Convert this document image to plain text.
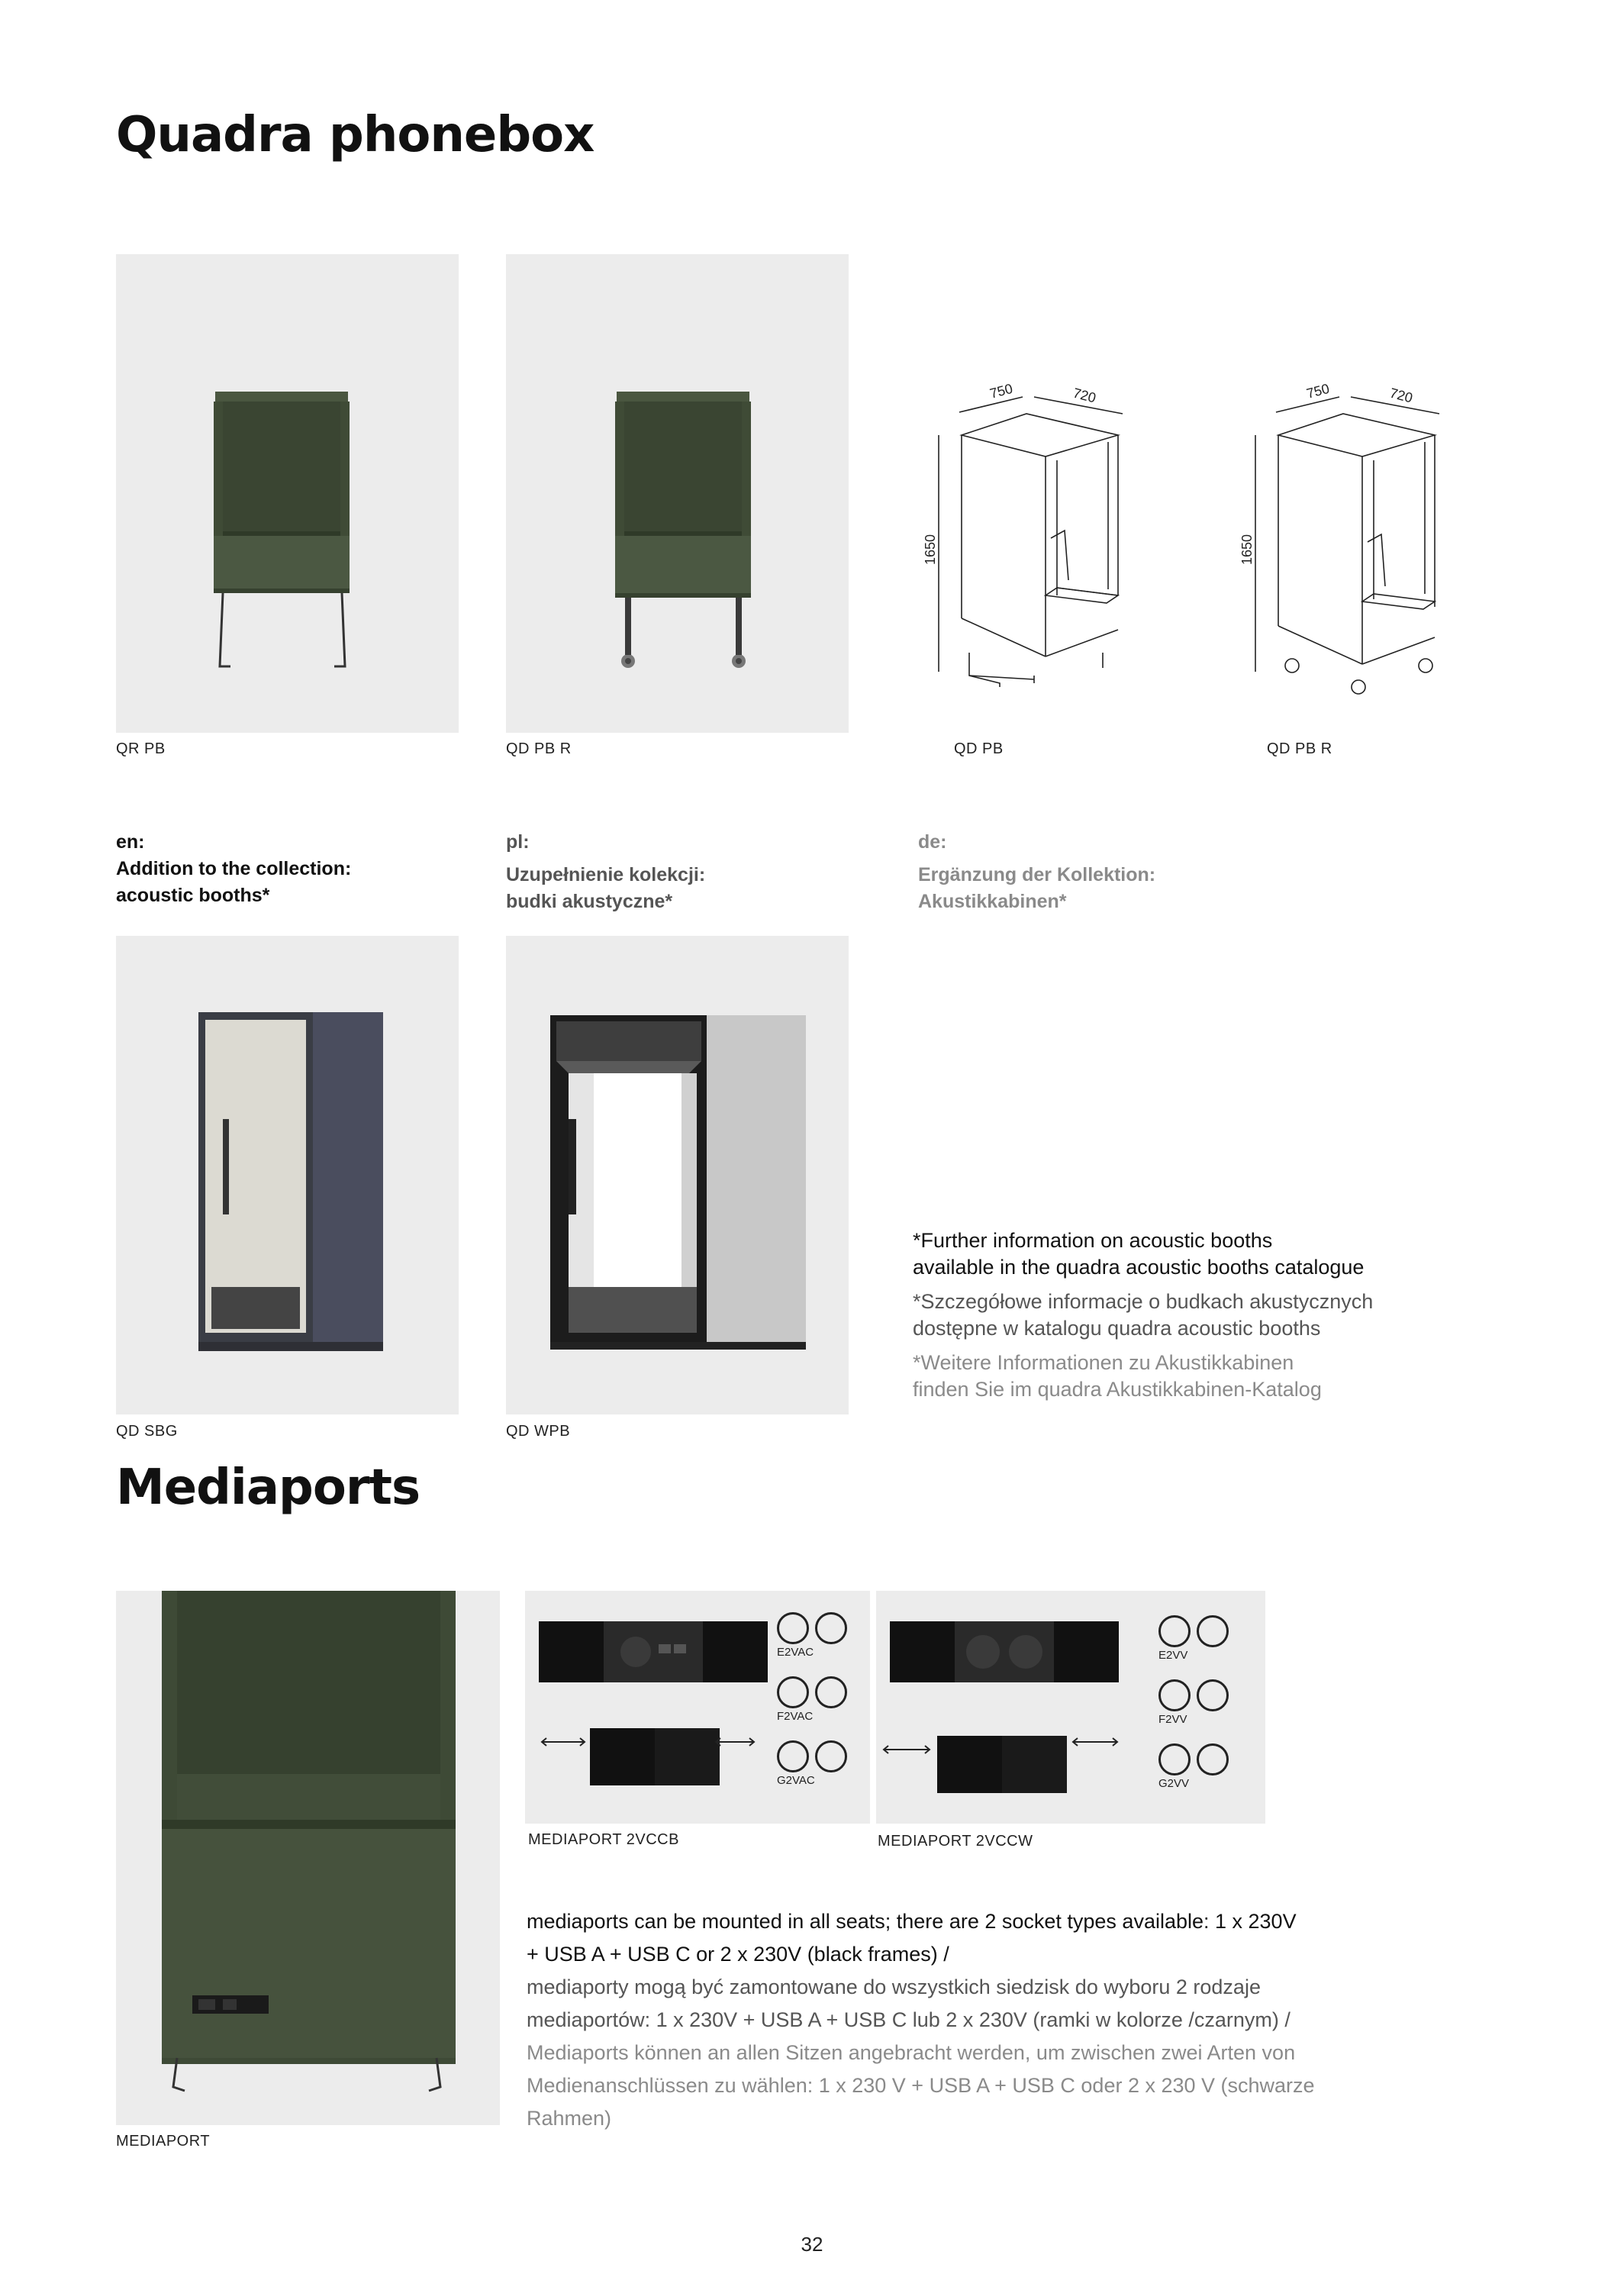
Quadra phonebox
750	720
1650
750	720
1650
QR PB	QD PB R	QD PB	QD PB R
en:
Addition to the collection:
acoustic booths*
pl:
Uzupełnienie kolekcji:
budki akustyczne*
de:
Ergänzung der Kollektion:
Akustikkabinen*
QD SBG	QD WPB
*Further information on acoustic booths
available in the quadra acoustic booths catalogue
*Szczegółowe informacje o budkach akustycznych
dostępne w katalogu quadra acoustic booths
*Weitere Informationen zu Akustikkabinen
finden Sie im quadra Akustikkabinen-Katalog
Mediaports
MEDIAPORT
E2VAC
F2VAC
G2VAC
MEDIAPORT 2VCCB
E2VV
F2VV
G2VV
MEDIAPORT 2VCCW
mediaports can be mounted in all seats; there are 2 socket types available: 1 x 230V
+ USB A + USB C or 2 x 230V (black frames) /
mediaporty mogą być zamontowane do wszystkich siedzisk do wyboru 2 rodzaje
mediaportów: 1 x 230V + USB A + USB C lub 2 x 230V (ramki w kolorze /czarnym) /
Mediaports können an allen Sitzen angebracht werden, um zwischen zwei Arten von
Medienanschlüssen zu wählen: 1 x 230 V + USB A + USB C oder 2 x 230 V (schwarze
Rahmen)
32
